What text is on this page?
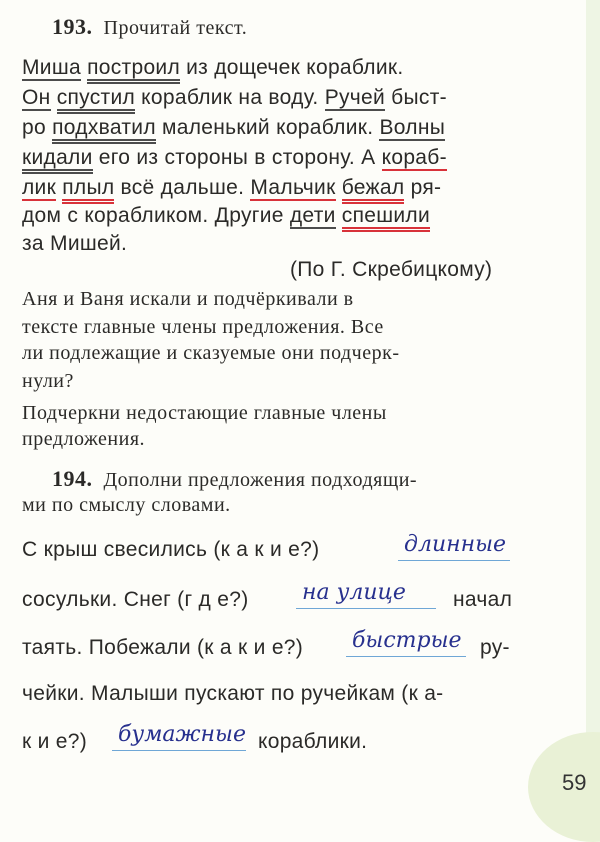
193. Прочитай текст.
Миша построил из дощечек кораблик.
Он спустил кораблик на воду. Ручей быст-
ро подхватил маленький кораблик. Волны
кидали его из стороны в сторону. А кораб-
лик плыл всё дальше. Мальчик бежал ря-
дом с корабликом. Другие дети спешили
за Мишей.
(По Г. Скребицкому)
Аня и Ваня искали и подчёркивали в
тексте главные члены предложения. Все
ли подлежащие и сказуемые они подчерк-
нули?
Подчеркни недостающие главные члены
предложения.
194. Дополни предложения подходящи-
ми по смыслу словами.
С крыш свесились (к а к и е?)
сосульки. Снег (г д е?)	начал
таять. Побежали (к а к и е?)	ру-
чейки. Малыши пускают по ручейкам (к а-
к и е?)	кораблики.
длинные
на улице
быстрые
бумажные
59
